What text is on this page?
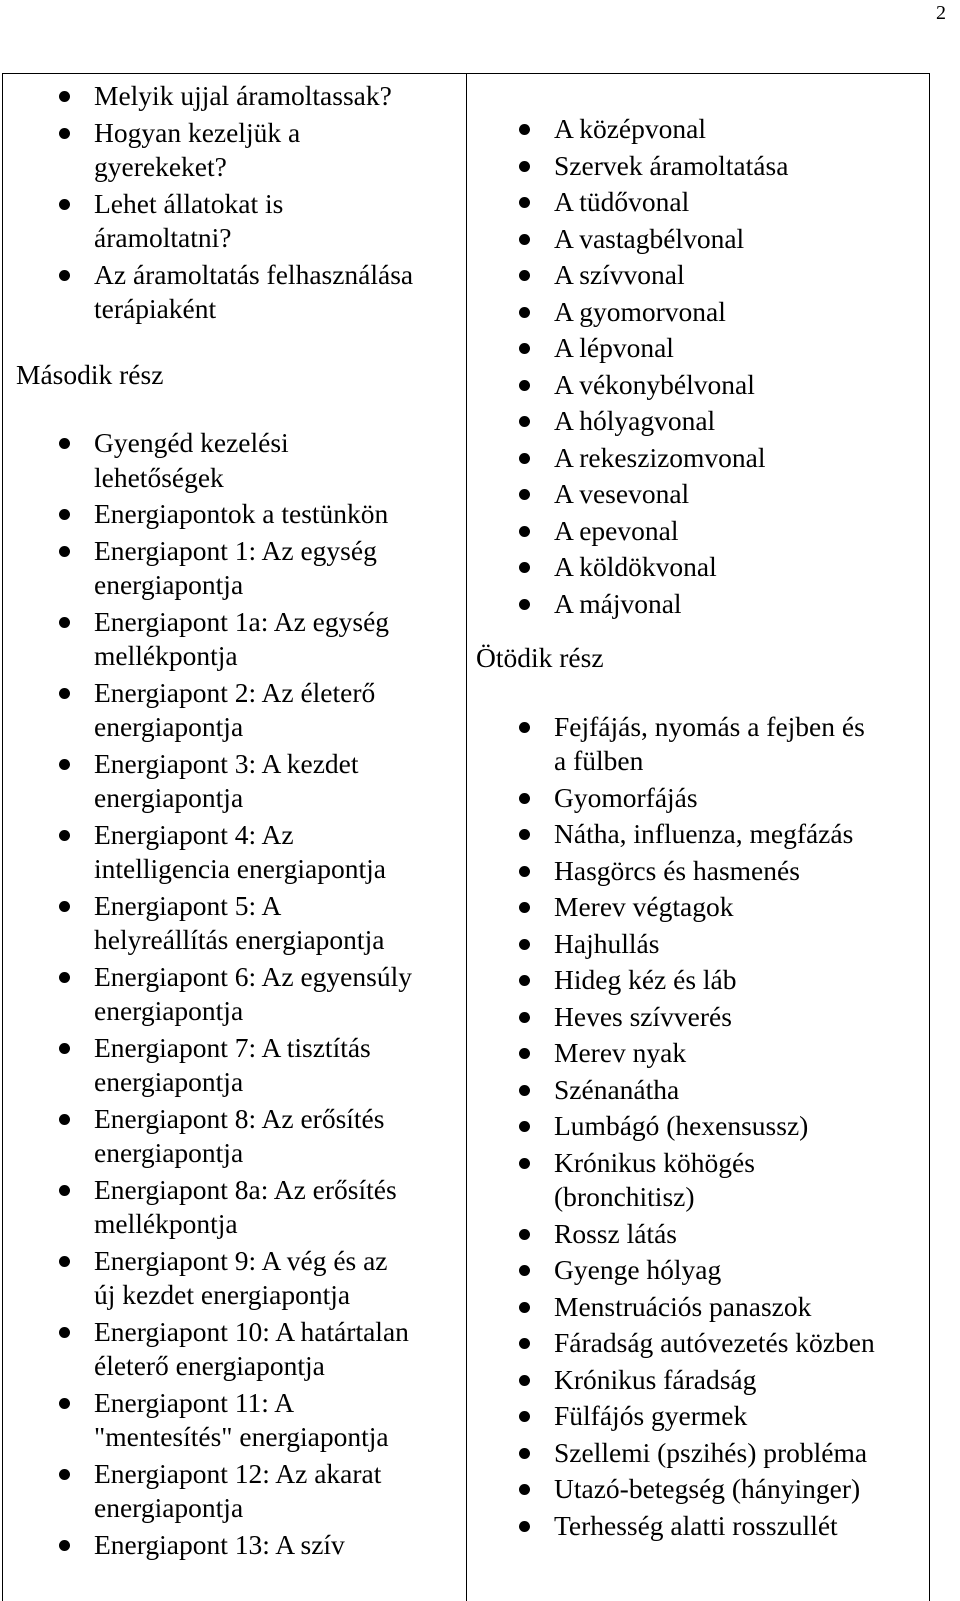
2
Melyik ujjal áramoltassak?
Hogyan kezeljük a
gyerekeket?
Lehet állatokat is
áramoltatni?
Az áramoltatás felhasználása
terápiaként
Második rész
Gyengéd kezelési
lehetőségek
Energiapontok a testünkön
Energiapont 1: Az egység
energiapontja
Energiapont 1a: Az egység
mellékpontja
Energiapont 2: Az életerő
energiapontja
Energiapont 3: A kezdet
energiapontja
Energiapont 4: Az
intelligencia energiapontja
Energiapont 5: A
helyreállítás energiapontja
Energiapont 6: Az egyensúly
energiapontja
Energiapont 7: A tisztítás
energiapontja
Energiapont 8: Az erősítés
energiapontja
Energiapont 8a: Az erősítés
mellékpontja
Energiapont 9: A vég és az
új kezdet energiapontja
Energiapont 10: A határtalan
életerő energiapontja
Energiapont 11: A
"mentesítés" energiapontja
Energiapont 12: Az akarat
energiapontja
Energiapont 13: A szív
A középvonal
Szervek áramoltatása
A tüdővonal
A vastagbélvonal
A szívvonal
A gyomorvonal
A lépvonal
A vékonybélvonal
A hólyagvonal
A rekeszizomvonal
A vesevonal
A epevonal
A köldökvonal
A májvonal
Ötödik rész
Fejfájás, nyomás a fejben és
a fülben
Gyomorfájás
Nátha, influenza, megfázás
Hasgörcs és hasmenés
Merev végtagok
Hajhullás
Hideg kéz és láb
Heves szívverés
Merev nyak
Szénanátha
Lumbágó (hexensussz)
Krónikus köhögés
(bronchitisz)
Rossz látás
Gyenge hólyag
Menstruációs panaszok
Fáradság autóvezetés közben
Krónikus fáradság
Fülfájós gyermek
Szellemi (pszihés) probléma
Utazó-betegség (hányinger)
Terhesség alatti rosszullét
